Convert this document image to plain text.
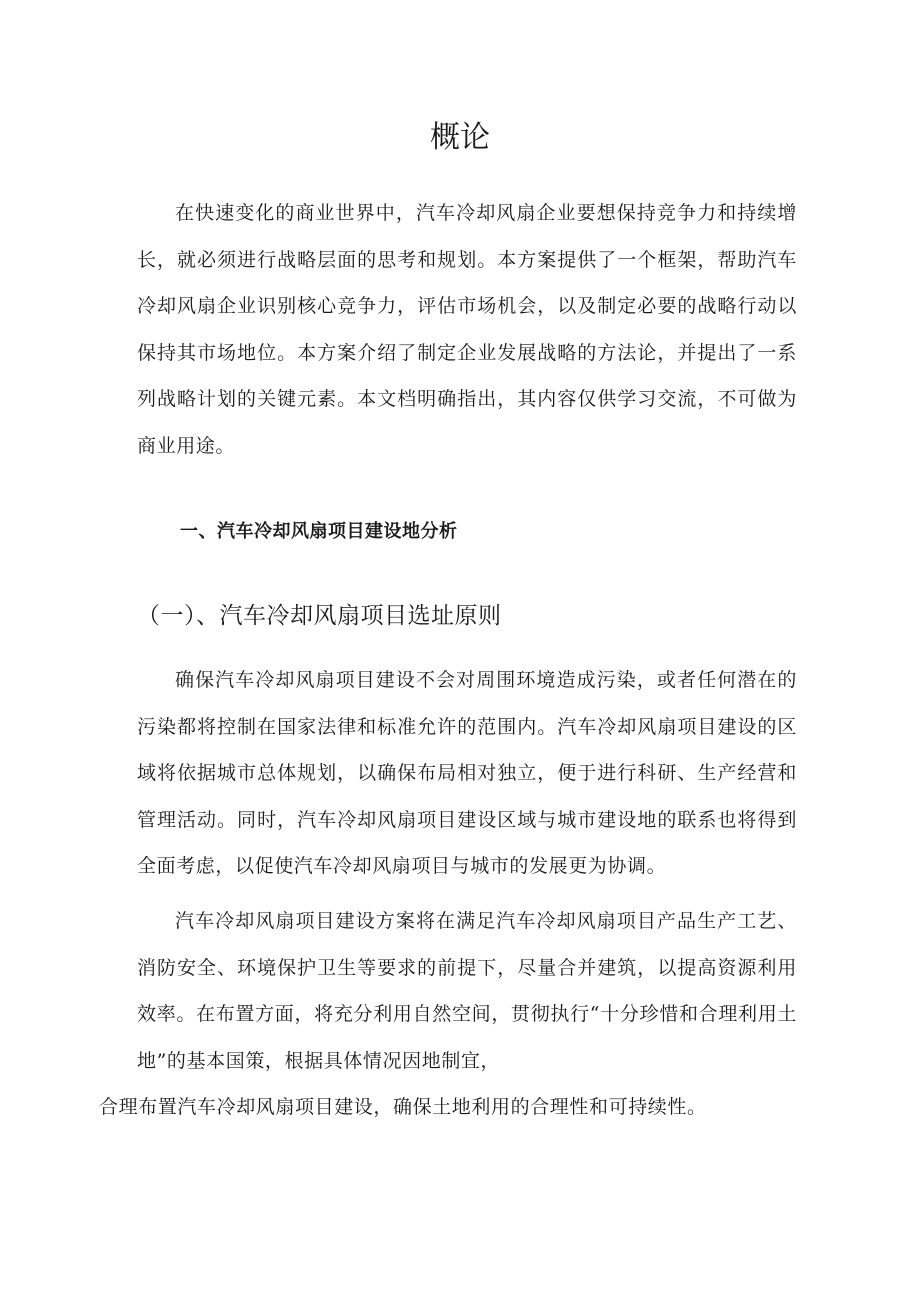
概论

在快速变化的商业世界中，汽车冷却风扇企业要想保持竞争力和持续增长，就必须进行战略层面的思考和规划。本方案提供了一个框架，帮助汽车冷却风扇企业识别核心竞争力，评估市场机会，以及制定必要的战略行动以保持其市场地位。本方案介绍了制定企业发展战略的方法论，并提出了一系列战略计划的关键元素。本文档明确指出，其内容仅供学习交流，不可做为商业用途。

一、汽车冷却风扇项目建设地分析
（一）、汽车冷却风扇项目选址原则

确保汽车冷却风扇项目建设不会对周围环境造成污染，或者任何潜在的污染都将控制在国家法律和标准允许的范围内。汽车冷却风扇项目建设的区域将依据城市总体规划，以确保布局相对独立，便于进行科研、生产经营和管理活动。同时，汽车冷却风扇项目建设区域与城市建设地的联系也将得到全面考虑，以促使汽车冷却风扇项目与城市的发展更为协调。

汽车冷却风扇项目建设方案将在满足汽车冷却风扇项目产品生产工艺、消防安全、环境保护卫生等要求的前提下，尽量合并建筑，以提高资源利用效率。在布置方面，将充分利用自然空间，贯彻执行“十分珍惜和合理利用土地”的基本国策，根据具体情况因地制宜，
合理布置汽车冷却风扇项目建设，确保土地利用的合理性和可持续性。
